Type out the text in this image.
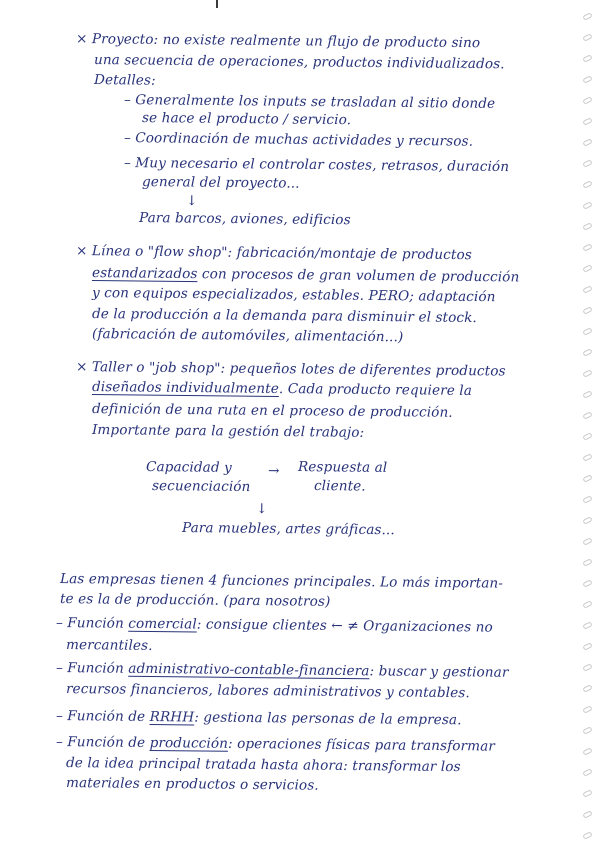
× Proyecto: no existe realmente un flujo de producto sino
una secuencia de operaciones, productos individualizados.
Detalles:
– Generalmente los inputs se trasladan al sitio donde
se hace el producto / servicio.
– Coordinación de muchas actividades y recursos.
– Muy necesario el controlar costes, retrasos, duración
general del proyecto...
↓
Para barcos, aviones, edificios
× Línea o "flow shop": fabricación/montaje de productos
estandarizados con procesos de gran volumen de producción
y con equipos especializados, estables. PERO; adaptación
de la producción a la demanda para disminuir el stock.
(fabricación de automóviles, alimentación...)
× Taller o "job shop": pequeños lotes de diferentes productos
diseñados individualmente. Cada producto requiere la
definición de una ruta en el proceso de producción.
Importante para la gestión del trabajo:
Capacidad y
secuenciación
→ Respuesta al
cliente.
↓
Para muebles, artes gráficas...
Las empresas tienen 4 funciones principales. Lo más importan-
te es la de producción. (para nosotros)
– Función comercial: consigue clientes ← ≠ Organizaciones no
mercantiles.
– Función administrativo-contable-financiera: buscar y gestionar
recursos financieros, labores administrativos y contables.
– Función de RRHH: gestiona las personas de la empresa.
– Función de producción: operaciones físicas para transformar
de la idea principal tratada hasta ahora: transformar los
materiales en productos o servicios.
